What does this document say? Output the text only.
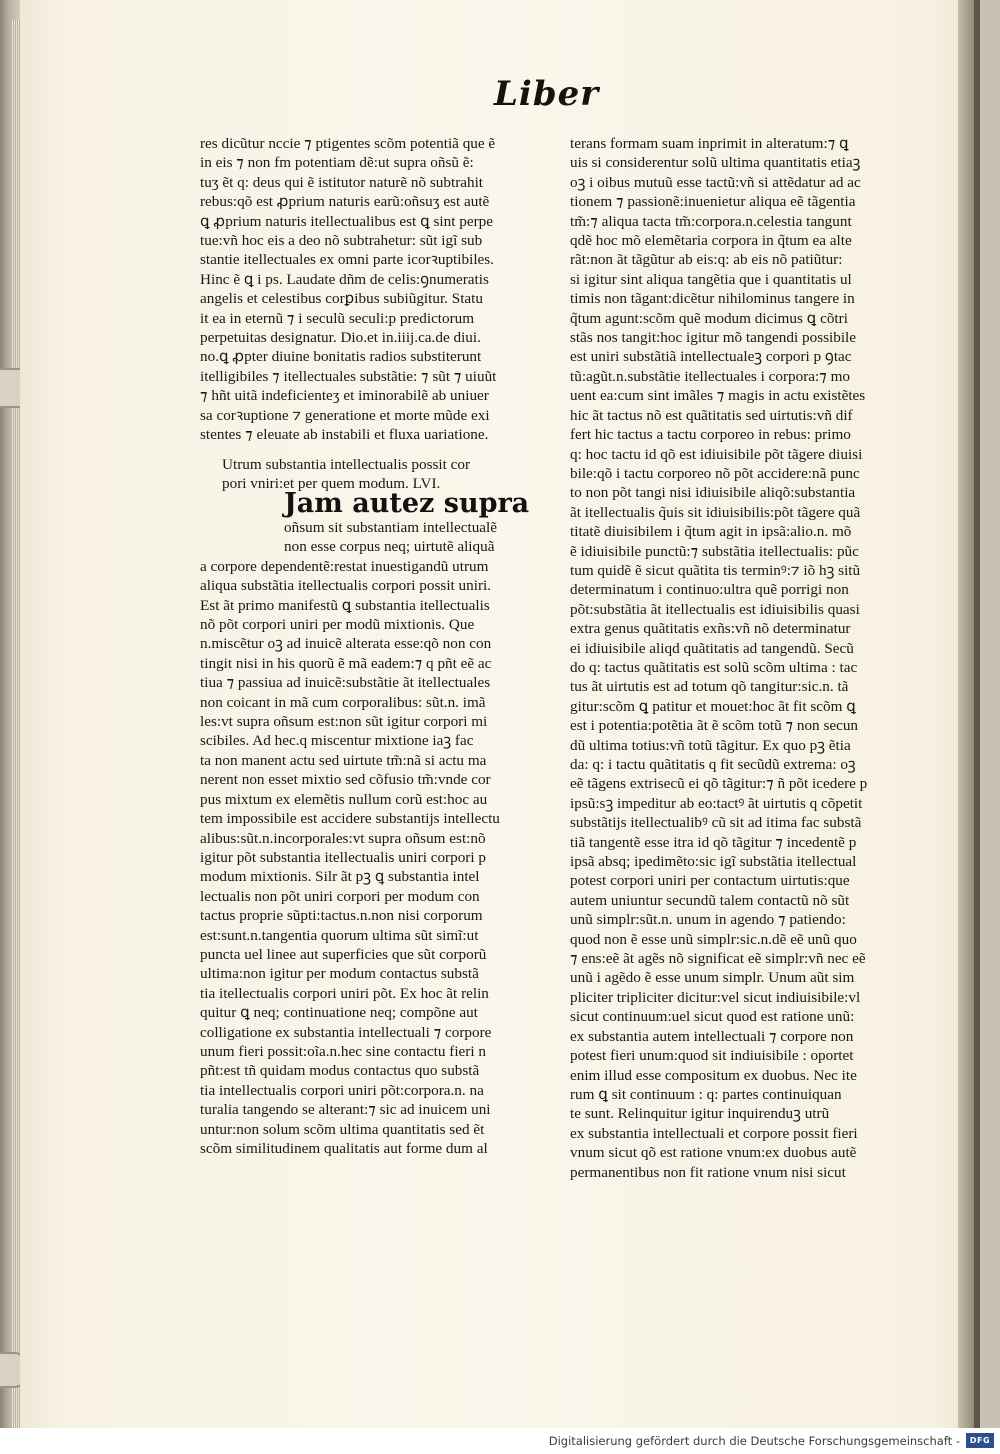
Liber
res dicũtur nccie ⁊ ptigentes scõm potentiã que ẽ
in eis ⁊ non fm potentiam dẽ:ut supra oñsũ ẽ:
tuʒ ẽt q: deus qui ẽ istitutor naturẽ nõ subtrahit
rebus:qõ est ꝓprium naturis earũ:oñsuʒ est autẽ
ꝗ ꝓprium naturis itellectualibus est ꝗ sint perpe
tue:vñ hoc eis a deo nõ subtrahetur: sũt igĩ sub
stantie itellectuales ex omni parte icorꝛuptibiles.
Hinc ẽ ꝗ i ps. Laudate dñm de celis:ꝯnumeratis
angelis et celestibus corꝑibus subiũgitur. Statu
it ea in eternũ ⁊ i seculũ seculi:p predictorum
perpetuitas designatur. Dio.et in.iiij.ca.de diui.
no.ꝗ ꝓpter diuine bonitatis radios substiterunt
itelligibiles ⁊ itellectuales substãtie: ⁊ sũt ⁊ uiuũt
⁊ hñt uitã indeficienteʒ et iminorabilẽ ab uniuer
sa corꝛuptione ⁊ generatione et morte mũde exi
stentes ⁊ eleuate ab instabili et fluxa uariatione.
Utrum substantia intellectualis possit cor
pori vniri:et per quem modum. LVI.
Jam autez supra
oñsum sit substantiam intellectualẽ
non esse corpus neq; uirtutẽ aliquã
a corpore dependentẽ:restat inuestigandũ utrum
aliqua substãtia itellectualis corpori possit uniri.
Est ãt primo manifestũ ꝗ substantia itellectualis
nõ põt corpori uniri per modũ mixtionis. Que
n.miscẽtur oꝫ ad inuicẽ alterata esse:qõ non con
tingit nisi in his quorũ ẽ mã eadem:⁊ q pñt eẽ ac
tiua ⁊ passiua ad inuicẽ:substãtie ãt itellectuales
non coicant in mã cum corporalibus: sũt.n. imã
les:vt supra oñsum est:non sũt igitur corpori mi
scibiles. Ad hec.q miscentur mixtione iaꝫ fac
ta non manent actu sed uirtute tm̃:nã si actu ma
nerent non esset mixtio sed cõfusio tm̃:vnde cor
pus mixtum ex elemẽtis nullum corũ est:hoc au
tem impossibile est accidere substantijs intellectu
alibus:sũt.n.incorporales:vt supra oñsum est:nõ
igitur põt substantia itellectualis uniri corpori p
modum mixtionis. Silr ãt pꝫ ꝗ substantia intel
lectualis non põt uniri corpori per modum con
tactus proprie sũpti:tactus.n.non nisi corporum
est:sunt.n.tangentia quorum ultima sũt simĩ:ut
puncta uel linee aut superficies que sũt corporũ
ultima:non igitur per modum contactus substã
tia itellectualis corpori uniri põt. Ex hoc ãt relin
quitur ꝗ neq; continuatione neq; compõne aut
colligatione ex substantia intellectuali ⁊ corpore
unum fieri possit:oĩa.n.hec sine contactu fieri n
pñt:est tñ quidam modus contactus quo substã
tia intellectualis corpori uniri põt:corpora.n. na
turalia tangendo se alterant:⁊ sic ad inuicem uni
untur:non solum scõm ultima quantitatis sed ẽt
scõm similitudinem qualitatis aut forme dum al
terans formam suam inprimit in alteratum:⁊ ꝗ
uis si considerentur solũ ultima quantitatis etiaꝫ
oꝫ i oibus mutuũ esse tactũ:vñ si attẽdatur ad ac
tionem ⁊ passionẽ:inuenietur aliqua eẽ tãgentia
tm̃:⁊ aliqua tacta tm̃:corpora.n.celestia tangunt
qdẽ hoc mõ elemẽtaria corpora in q̃tum ea alte
rãt:non ãt tãgũtur ab eis:q: ab eis nõ patiũtur:
si igitur sint aliqua tangẽtia que i quantitatis ul
timis non tãgant:dicẽtur nihilominus tangere in
q̃tum agunt:scõm quẽ modum dicimus ꝗ cõtri
stãs nos tangit:hoc igitur mõ tangendi possibile
est uniri substãtiã intellectualeꝫ corpori p ꝯtac
tũ:agũt.n.substãtie itellectuales i corpora:⁊ mo
uent ea:cum sint imãles ⁊ magis in actu existẽtes
hic ãt tactus nõ est quãtitatis sed uirtutis:vñ dif
fert hic tactus a tactu corporeo in rebus: primo
q: hoc tactu id qõ est idiuisibile põt tãgere diuisi
bile:qõ i tactu corporeo nõ põt accidere:nã punc
to non põt tangi nisi idiuisibile aliqõ:substantia
ãt itellectualis q̃uis sit idiuisibilis:põt tãgere quã
titatẽ diuisibilem i q̃tum agit in ipsã:alio.n. mõ
ẽ idiuisibile punctũ:⁊ substãtia itellectualis: pũc
tum quidẽ ẽ sicut quãtita tis terminꝰ:⁊ iõ hꝫ sitũ
determinatum i continuo:ultra quẽ porrigi non
põt:substãtia ãt itellectualis est idiuisibilis quasi
extra genus quãtitatis exñs:vñ nõ determinatur
ei idiuisibile aliqd quãtitatis ad tangendũ. Secũ
do q: tactus quãtitatis est solũ scõm ultima : tac
tus ãt uirtutis est ad totum qõ tangitur:sic.n. tã
gitur:scõm ꝗ patitur et mouet:hoc ãt fit scõm ꝗ
est i potentia:potẽtia ãt ẽ scõm totũ ⁊ non secun
dũ ultima totius:vñ totũ tãgitur. Ex quo pꝫ ẽtia
da: q: i tactu quãtitatis q fit secũdũ extrema: oꝫ
eẽ tãgens extrisecũ ei qõ tãgitur:⁊ ñ põt icedere p
ipsũ:sꝫ impeditur ab eo:tactꝰ ãt uirtutis q cõpetit
substãtijs itellectualibꝰ cũ sit ad itima fac substã
tiã tangentẽ esse itra id qõ tãgitur ⁊ incedentẽ p
ipsã absq; ipedimẽto:sic igĩ substãtia itellectual
potest corpori uniri per contactum uirtutis:que
autem uniuntur secundũ talem contactũ nõ sũt
unũ simplr:sũt.n. unum in agendo ⁊ patiendo:
quod non ẽ esse unũ simplr:sic.n.dẽ eẽ unũ quo
⁊ ens:eẽ ãt agẽs nõ significat eẽ simplr:vñ nec eẽ
unũ i agẽdo ẽ esse unum simplr. Unum aũt sim
pliciter tripliciter dicitur:vel sicut indiuisibile:vl
sicut continuum:uel sicut quod est ratione unũ:
ex substantia autem intellectuali ⁊ corpore non
potest fieri unum:quod sit indiuisibile : oportet
enim illud esse compositum ex duobus. Nec ite
rum ꝗ sit continuum : q: partes continuiquan
te sunt. Relinquitur igitur inquirenduꝫ utrũ
ex substantia intellectuali et corpore possit fieri
vnum sicut qõ est ratione vnum:ex duobus autẽ
permanentibus non fit ratione vnum nisi sicut
Digitalisierung gefördert durch die Deutsche Forschungsgemeinschaft -	DFG
